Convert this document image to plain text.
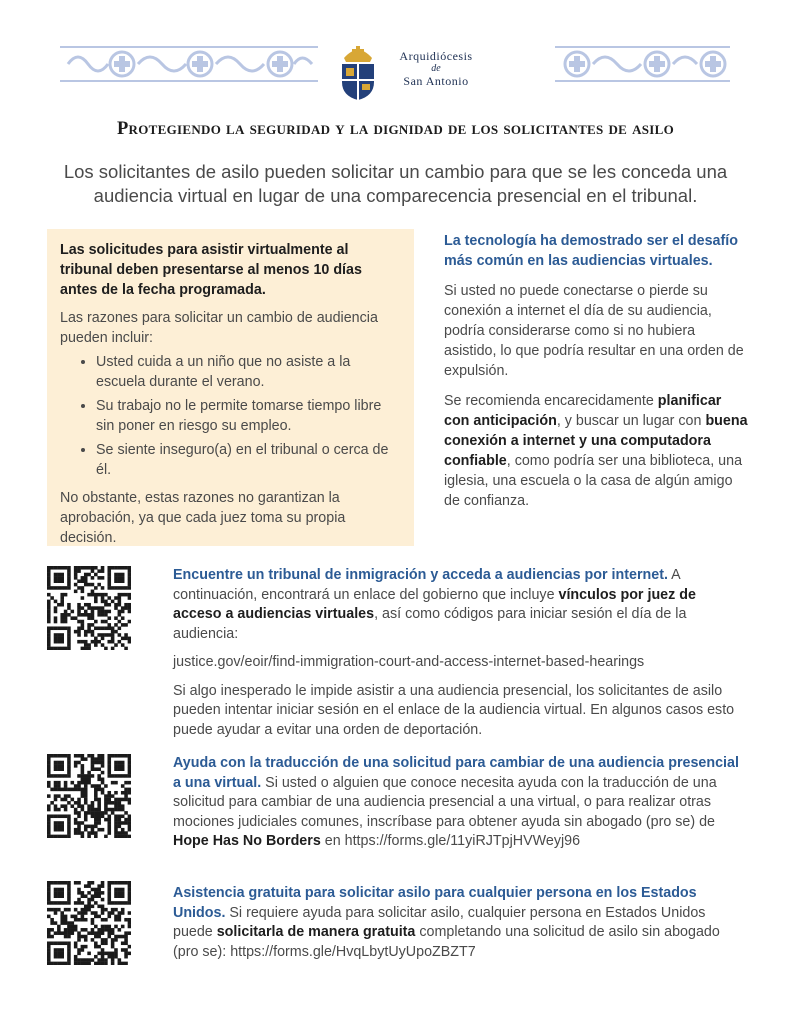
Arquidiócesis
de
San Antonio
Protegiendo la seguridad y la dignidad de los solicitantes de asilo
Los solicitantes de asilo pueden solicitar un cambio para que se les conceda una audiencia virtual en lugar de una comparecencia presencial en el tribunal.
Las solicitudes para asistir virtualmente al tribunal deben presentarse al menos 10 días antes de la fecha programada.
Las razones para solicitar un cambio de audiencia pueden incluir:
• Usted cuida a un niño que no asiste a la escuela durante el verano.
• Su trabajo no le permite tomarse tiempo libre sin poner en riesgo su empleo.
• Se siente inseguro(a) en el tribunal o cerca de él.
No obstante, estas razones no garantizan la aprobación, ya que cada juez toma su propia decisión.
La tecnología ha demostrado ser el desafío más común en las audiencias virtuales.

Si usted no puede conectarse o pierde su conexión a internet el día de su audiencia, podría considerarse como si no hubiera asistido, lo que podría resultar en una orden de expulsión.

Se recomienda encarecidamente planificar con anticipación, y buscar un lugar con buena conexión a internet y una computadora confiable, como podría ser una biblioteca, una iglesia, una escuela o la casa de algún amigo de confianza.

Encuentre un tribunal de inmigración y acceda a audiencias por internet. A continuación, encontrará un enlace del gobierno que incluye vínculos por juez de acceso a audiencias virtuales, así como códigos para iniciar sesión el día de la audiencia:

justice.gov/eoir/find-immigration-court-and-access-internet-based-hearings

Si algo inesperado le impide asistir a una audiencia presencial, los solicitantes de asilo pueden intentar iniciar sesión en el enlace de la audiencia virtual. En algunos casos esto puede ayudar a evitar una orden de deportación.

Ayuda con la traducción de una solicitud para cambiar de una audiencia presencial a una virtual. Si usted o alguien que conoce necesita ayuda con la traducción de una solicitud para cambiar de una audiencia presencial a una virtual, o para realizar otras mociones judiciales comunes, inscríbase para obtener ayuda sin abogado (pro se) de Hope Has No Borders en https://forms.gle/11yiRJTpjHVWeyj96

Asistencia gratuita para solicitar asilo para cualquier persona en los Estados Unidos. Si requiere ayuda para solicitar asilo, cualquier persona en Estados Unidos puede solicitarla de manera gratuita completando una solicitud de asilo sin abogado (pro se): https://forms.gle/HvqLbytUyUpoZBZT7
